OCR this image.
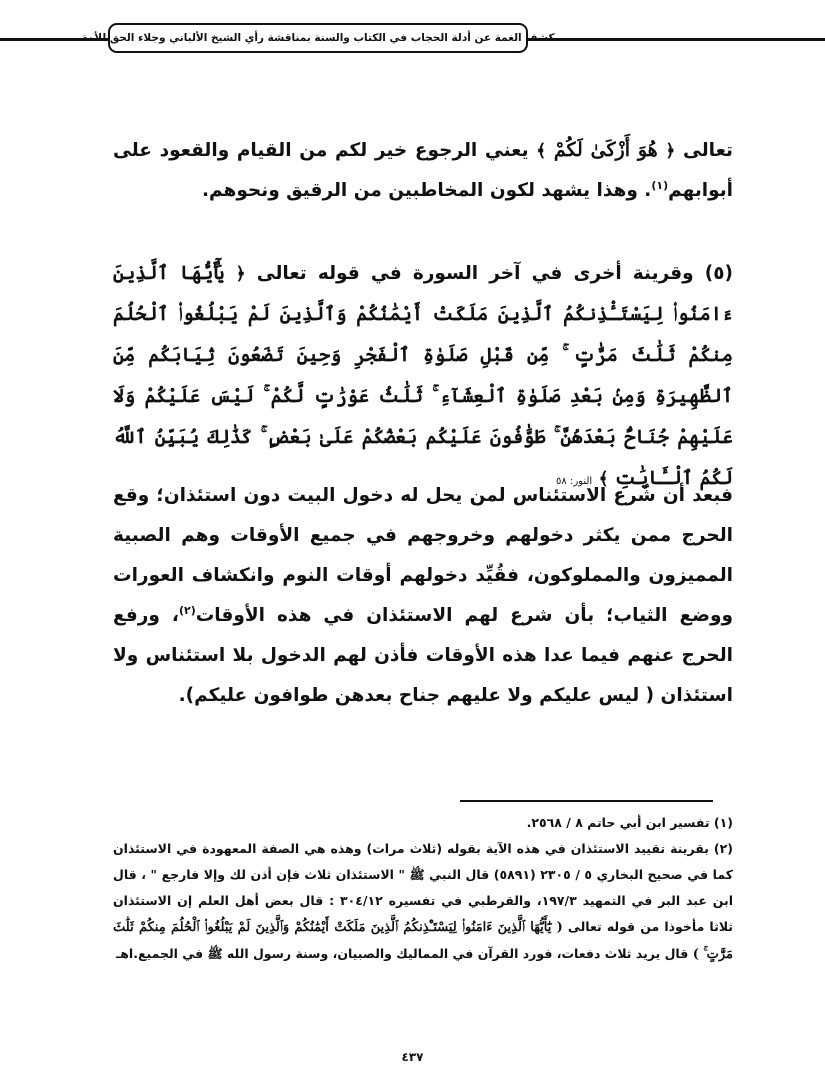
كشف الغمة عن أدلة الحجاب في الكتاب والسنة بمناقشة رأي الشيخ الألباني وجلاء الحق للأمة

تعالى ﴿ هُوَ أَزْكَىٰ لَكُمْ ﴾ يعني الرجوع خير لكم من القيام والقعود على أبوابهم$^{(١)}$. وهذا يشهد لكون المخاطبين من الرقيق ونحوهم.

(٥) وقرينة أخرى في آخر السورة في قوله تعالى ﴿ يَٰٓأَيُّهَا ٱلَّذِينَ ءَامَنُوا۟ لِيَسْتَـْٔذِنكُمُ ٱلَّذِينَ مَلَكَتْ أَيْمَٰنُكُمْ وَٱلَّذِينَ لَمْ يَبْلُغُوا۟ ٱلْحُلُمَ مِنكُمْ ثَلَٰثَ مَرَّٰتٍ ۚ مِّن قَبْلِ صَلَوٰةِ ٱلْفَجْرِ وَحِينَ تَضَعُونَ ثِيَابَكُم مِّنَ ٱلظَّهِيرَةِ وَمِنۢ بَعْدِ صَلَوٰةِ ٱلْعِشَآءِ ۚ ثَلَٰثُ عَوْرَٰتٍ لَّكُمْ ۚ لَيْسَ عَلَيْكُمْ وَلَا عَلَيْهِمْ جُنَاحٌۢ بَعْدَهُنَّ ۚ طَوَّٰفُونَ عَلَيْكُم بَعْضُكُمْ عَلَىٰ بَعْضٍ ۚ كَذَٰلِكَ يُبَيِّنُ ٱللَّهُ لَكُمُ ٱلْـَٔايَٰتِ ﴾ النور: ٥٨

فبعد أن شُرع الاستئناس لمن يحل له دخول البيت دون استئذان؛ وقع الحرج ممن يكثر دخولهم وخروجهم في جميع الأوقات وهم الصبية المميزون والمملوكون، فقُيِّد دخولهم أوقات النوم وانكشاف العورات ووضع الثياب؛ بأن شرع لهم الاستئذان في هذه الأوقات$^{(٢)}$، ورفع الحرج عنهم فيما عدا هذه الأوقات فأذن لهم الدخول بلا استئناس ولا استئذان ( ليس عليكم ولا عليهم جناح بعدهن طوافون عليكم).

(١) تفسير ابن أبي حاتم ٨ / ٢٥٦٨.

(٢) بقرينة تقييد الاستئذان في هذه الآية بقوله (ثلاث مرات) وهذه هي الصفة المعهودة في الاستئذان كما في صحيح البخاري ٥ / ٢٣٠٥ (٥٨٩١) قال النبي ﷺ " الاستئذان ثلاث فإن أذن لك وإلا فارجع " ، قال ابن عبد البر في التمهيد ١٩٧/٣، والقرطبي في تفسيره ٣٠٤/١٢ : قال بعض أهل العلم إن الاستئذان ثلاثا مأخوذا من قوله تعالى ( يَٰٓأَيُّهَا ٱلَّذِينَ ءَامَنُوا۟ لِيَسْتَـْٔذِنكُمُ ٱلَّذِينَ مَلَكَتْ أَيْمَٰنُكُمْ وَٱلَّذِينَ لَمْ يَبْلُغُوا۟ ٱلْحُلُمَ مِنكُمْ ثَلَٰثَ مَرَّٰتٍ ۚ ) قال يريد ثلاث دفعات، فورد القرآن في المماليك والصبيان، وسنة رسول الله ﷺ في الجميع.اهـ

٤٣٧
